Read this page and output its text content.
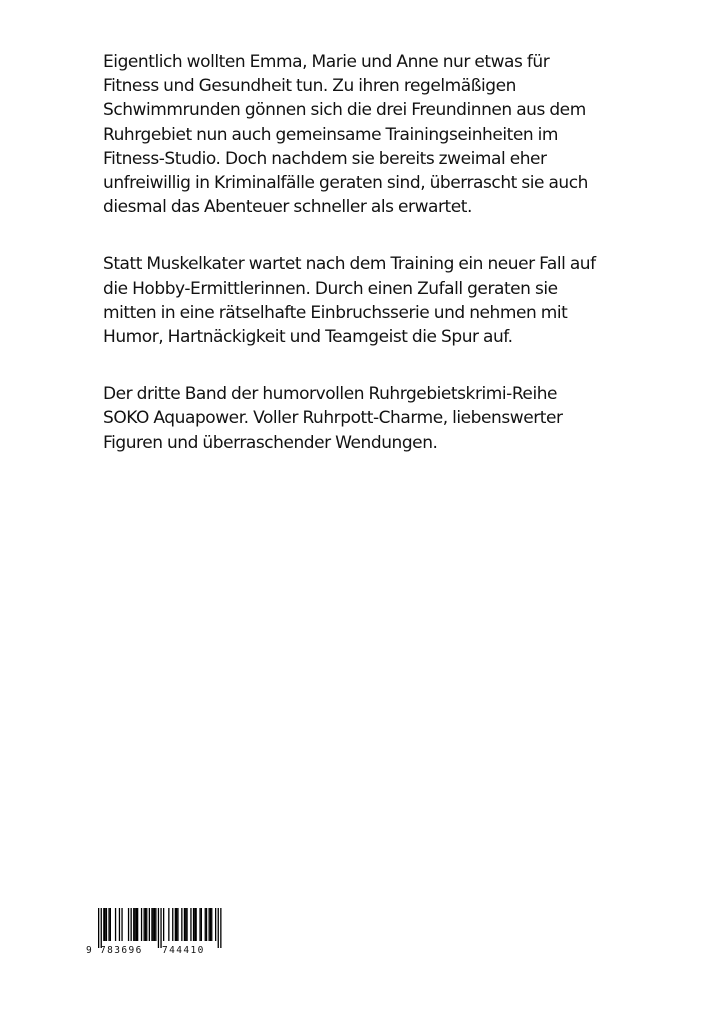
Eigentlich wollten Emma, Marie und Anne nur etwas für
Fitness und Gesundheit tun. Zu ihren regelmäßigen
Schwimmrunden gönnen sich die drei Freundinnen aus dem
Ruhrgebiet nun auch gemeinsame Trainingseinheiten im
Fitness-Studio. Doch nachdem sie bereits zweimal eher
unfreiwillig in Kriminalfälle geraten sind, überrascht sie auch
diesmal das Abenteuer schneller als erwartet.

Statt Muskelkater wartet nach dem Training ein neuer Fall auf
die Hobby-Ermittlerinnen. Durch einen Zufall geraten sie
mitten in eine rätselhafte Einbruchsserie und nehmen mit
Humor, Hartnäckigkeit und Teamgeist die Spur auf.

Der dritte Band der humorvollen Ruhrgebietskrimi-Reihe
SOKO Aquapower. Voller Ruhrpott-Charme, liebenswerter
Figuren und überraschender Wendungen.

9 783696 744410
